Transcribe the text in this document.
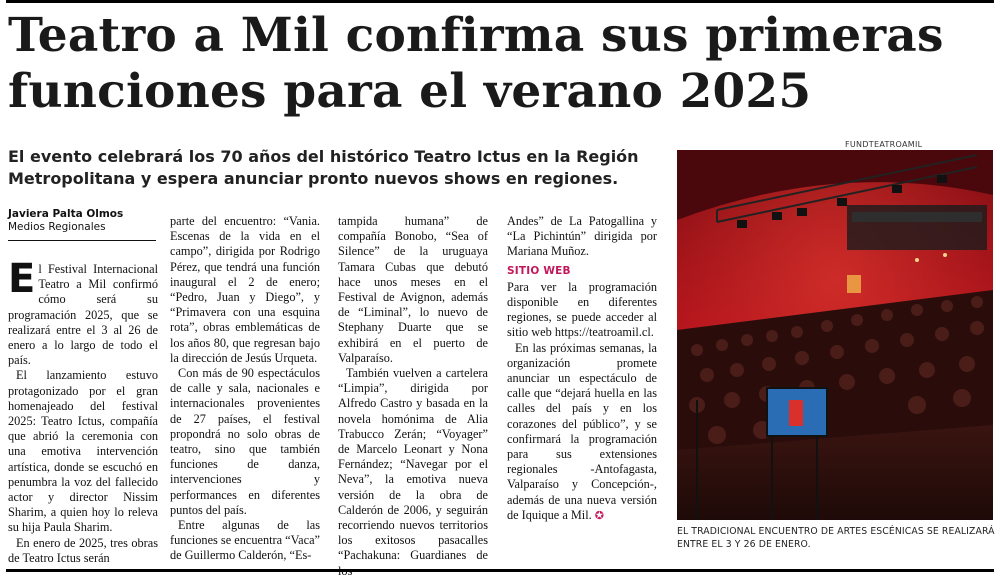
Teatro a Mil confirma sus primeras funciones para el verano 2025

El evento celebrará los 70 años del histórico Teatro Ictus en la Región Metropolitana y espera anunciar pronto nuevos shows en regiones.

Javiera Palta Olmos
Medios Regionales

El Festival Internacional Teatro a Mil confirmó cómo será su programación 2025, que se realizará entre el 3 al 26 de enero a lo largo de todo el país.

El lanzamiento estuvo protagonizado por el gran homenajeado del festival 2025: Teatro Ictus, compañía que abrió la ceremonia con una emotiva intervención artística, donde se escuchó en penumbra la voz del fallecido actor y director Nissim Sharim, a quien hoy lo releva su hija Paula Sharim.

En enero de 2025, tres obras de Teatro Ictus serán

parte del encuentro: “Vania. Escenas de la vida en el campo”, dirigida por Rodrigo Pérez, que tendrá una función inaugural el 2 de enero; “Pedro, Juan y Diego”, y “Primavera con una esquina rota”, obras emblemáticas de los años 80, que regresan bajo la dirección de Jesús Urqueta.

Con más de 90 espectáculos de calle y sala, nacionales e internacionales provenientes de 27 países, el festival propondrá no solo obras de teatro, sino que también funciones de danza, intervenciones y performances en diferentes puntos del país.

Entre algunas de las funciones se encuentra “Vaca” de Guillermo Calderón, “Es-

tampida humana” de compañía Bonobo, “Sea of Silence” de la uruguaya Tamara Cubas que debutó hace unos meses en el Festival de Avignon, además de “Liminal”, lo nuevo de Stephany Duarte que se exhibirá en el puerto de Valparaíso.

También vuelven a cartelera “Limpia”, dirigida por Alfredo Castro y basada en la novela homónima de Alia Trabucco Zerán; “Voyager” de Marcelo Leonart y Nona Fernández; “Navegar por el Neva”, la emotiva nueva versión de la obra de Calderón de 2006, y seguirán recorriendo nuevos territorios los exitosos pasacalles “Pachakuna: Guardianes de

Andes” de La Patogallina y “La Pichintún” dirigida por Mariana Muñoz.

SITIO WEB

Para ver la programación disponible en diferentes regiones, se puede acceder al sitio web https://teatroamil.cl.

En las próximas semanas, la organización promete anunciar un espectáculo de calle que “dejará huella en las calles del país y en los corazones del público”, y se confirmará la programación para sus extensiones regionales -Antofagasta, Valparaíso y Concepción-, además de una nueva versión de Iquique a Mil. ✪

FUNDTEATROAMIL
EL TRADICIONAL ENCUENTRO DE ARTES ESCÉNICAS SE REALIZARÁ ENTRE EL 3 Y 26 DE ENERO.
